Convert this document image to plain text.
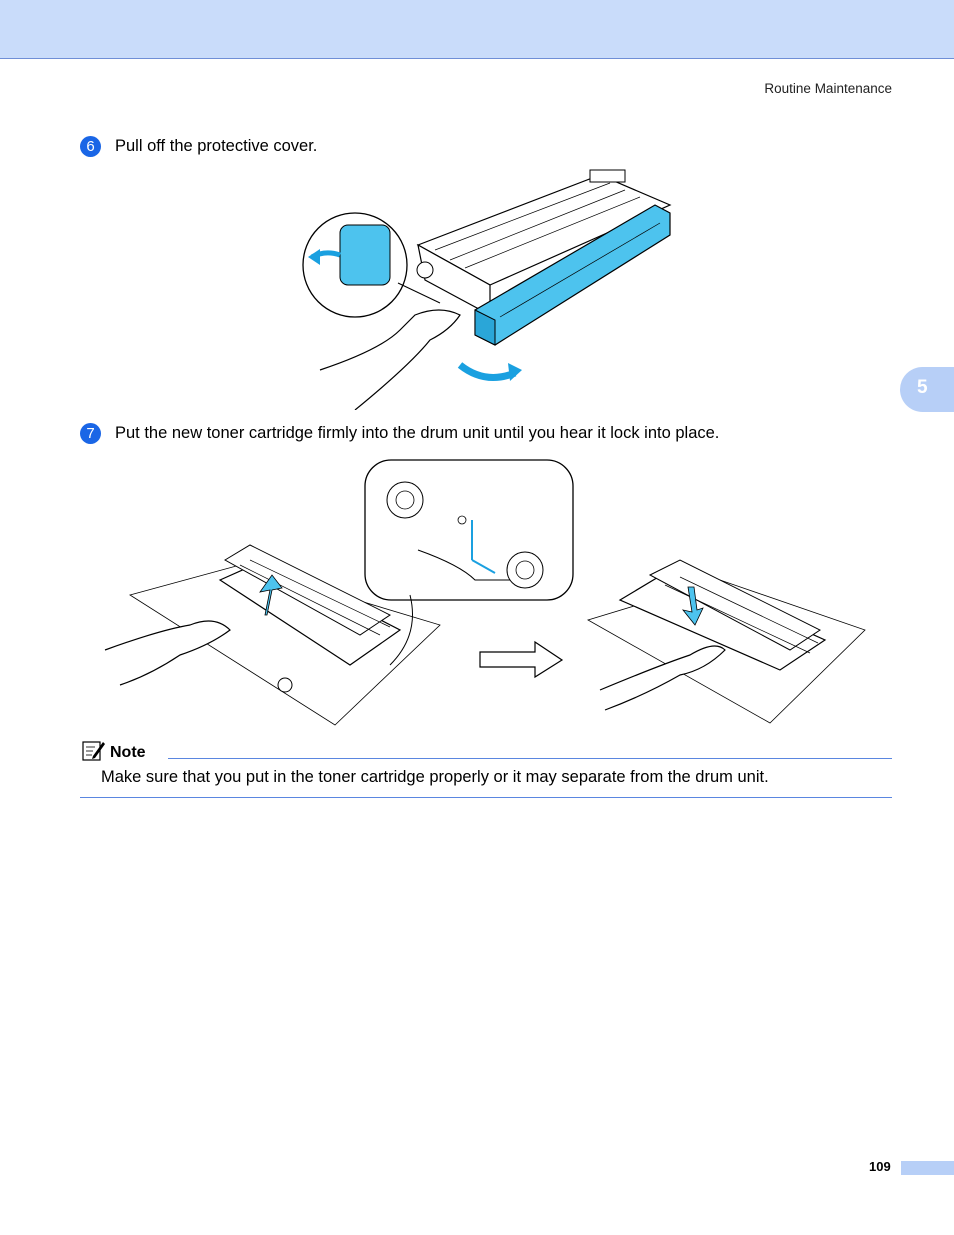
Routine Maintenance
5
6	Pull off the protective cover.
7	Put the new toner cartridge firmly into the drum unit until you hear it lock into place.
Note
Make sure that you put in the toner cartridge properly or it may separate from the drum unit.
109
